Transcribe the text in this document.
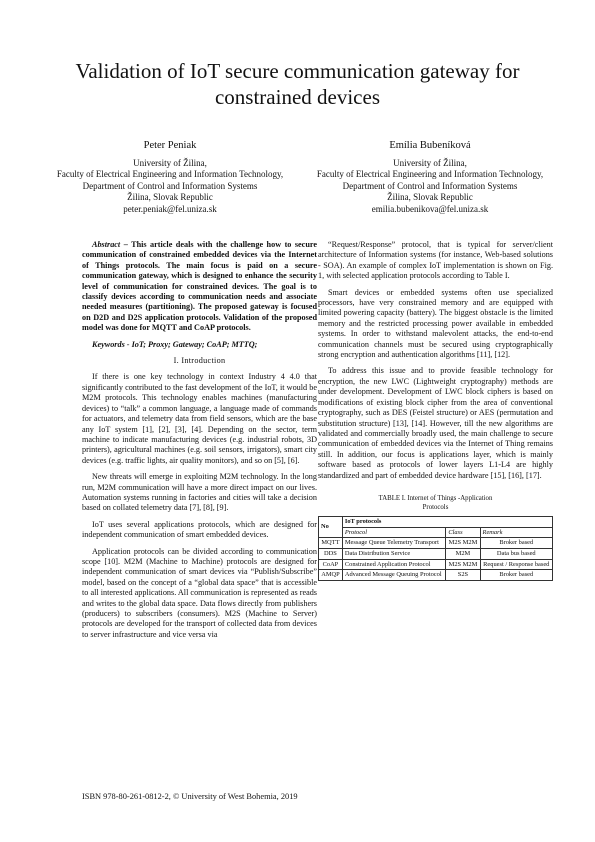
Validation of IoT secure communication gateway for constrained devices
Peter Peniak
University of Žilina,
Faculty of Electrical Engineering and Information Technology,
Department of Control and Information Systems
Žilina, Slovak Republic
peter.peniak@fel.uniza.sk
Emília Bubeníková
University of Žilina,
Faculty of Electrical Engineering and Information Technology, Department of Control and Information Systems
Žilina, Slovak Republic
emilia.bubenikova@fel.uniza.sk

Abstract – This article deals with the challenge how to secure communication of constrained embedded devices via the Internet of Things protocols. The main focus is paid on a secure communication gateway, which is designed to enhance the security level of communication for constrained devices. The goal is to classify devices according to communication needs and associate needed measures (partitioning). The proposed gateway is focused on D2D and D2S application protocols. Validation of the proposed model was done for MQTT and CoAP protocols.

Keywords - IoT; Proxy; Gateway; CoAP; MTTQ;

I. Introduction

If there is one key technology in context Industry 4 4.0 that significantly contributed to the fast development of the IoT, it would be M2M protocols. This technology enables machines (manufacturing devices) to “talk” a common language, a language made of commands for actuators, and telemetry data from field sensors, which are the base any IoT system [1], [2], [3], [4]. Depending on the sector, term machine to indicate manufacturing devices (e.g. industrial robots, 3D printers), agricultural machines (e.g. soil sensors, irrigators), smart city devices (e.g. traffic lights, air quality monitors), and so on [5], [6].

New threats will emerge in exploiting M2M technology. In the long run, M2M communication will have a more direct impact on our lives. Automation systems running in factories and cities will take a decision based on collated telemetry data [7], [8], [9].

IoT uses several applications protocols, which are designed for independent communication of smart embedded devices.

Application protocols can be divided according to communication scope [10]. M2M (Machine to Machine) protocols are designed for independent communication of smart devices via “Publish/Subscribe” model, based on the concept of a “global data space” that is accessible to all interested applications. All communication is represented as reads and writes to the global data space. Data flows directly from publishers (producers) to subscribers (consumers). M2S (Machine to Server) protocols are developed for the transport of collected data from devices to server infrastructure and vice versa via

“Request/Response” protocol, that is typical for server/client architecture of Information systems (for instance, Web-based solutions - SOA). An example of complex IoT implementation is shown on Fig. 1, with selected application protocols according to Table I.

Smart devices or embedded systems often use specialized processors, have very constrained memory and are equipped with limited powering capacity (battery). The biggest obstacle is the limited memory and the restricted processing power available in embedded systems. In order to withstand malevolent attacks, the end-to-end communication channels must be secured using cryptographically strong encryption and authentication algorithms [11], [12].

To address this issue and to provide feasible technology for encryption, the new LWC (Lightweight cryptography) methods are under development. Development of LWC block ciphers is based on modifications of existing block cipher from the area of conventional cryptography, such as DES (Feistel structure) or AES (permutation and substitution structure) [13], [14]. However, till the new algorithms are validated and commercially broadly used, the main challenge to secure communication of embedded devices via the Internet of Thing remains still. In addition, our focus is applications layer, which is mainly software based as protocols of lower layers L1-L4 are highly standardized and part of embedded device hardware [15], [16], [17].

TABLE I. Internet of Things -Application
Protocols
No	IoT protocols		
	Protocol	Class	Remark
MQTT	Message Queue Telemetry Transport	M2S M2M	Broker based
DDS	Data Distribution Service	M2M	Data bus based
CoAP	Constrained Application Protocol	M2S M2M	Request / Response based
AMQP	Advanced Message Queuing Protocol	S2S	Broker based
ISBN 978-80-261-0812-2, © University of West Bohemia, 2019
